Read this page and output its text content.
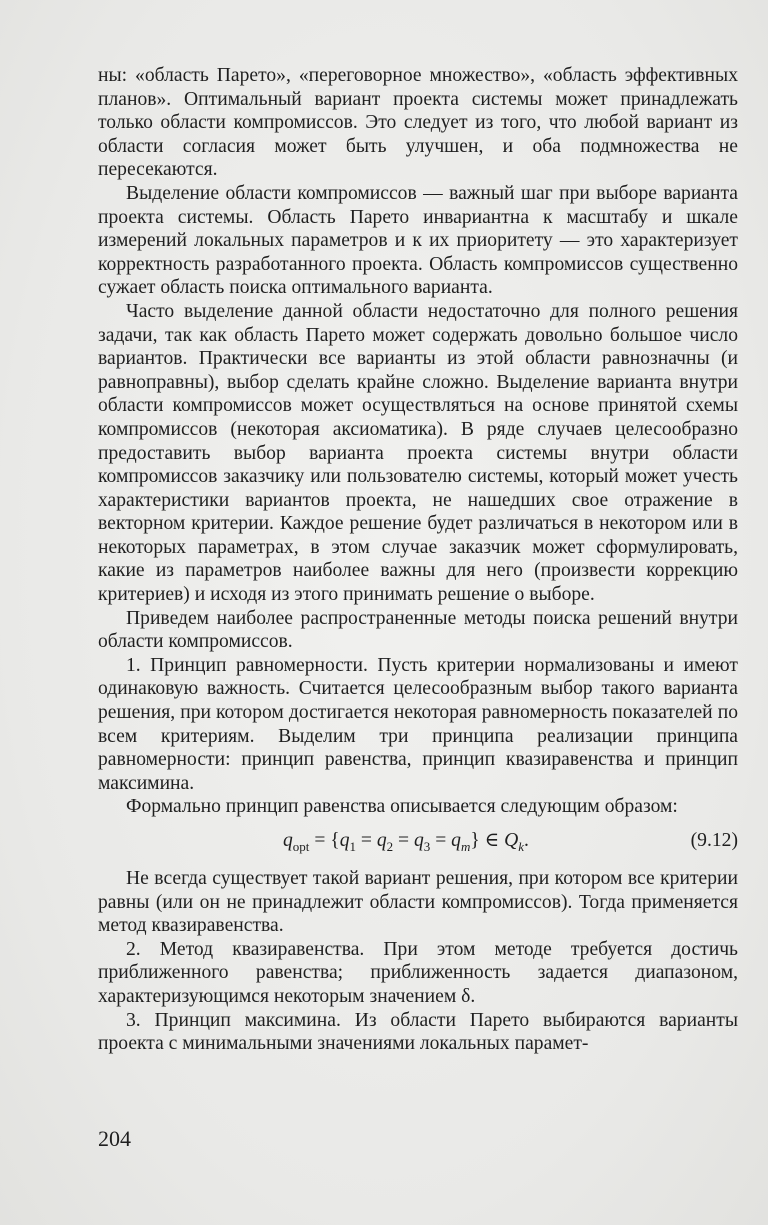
ны: «область Парето», «переговорное множество», «область эффективных планов». Оптимальный вариант проекта системы может принадлежать только области компромиссов. Это следует из того, что любой вариант из области согласия может быть улучшен, и оба подмножества не пересекаются.

Выделение области компромиссов — важный шаг при выборе варианта проекта системы. Область Парето инвариантна к масштабу и шкале измерений локальных параметров и к их приоритету — это характеризует корректность разработанного проекта. Область компромиссов существенно сужает область поиска оптимального варианта.

Часто выделение данной области недостаточно для полного решения задачи, так как область Парето может содержать довольно большое число вариантов. Практически все варианты из этой области равнозначны (и равноправны), выбор сделать крайне сложно. Выделение варианта внутри области компромиссов может осуществляться на основе принятой схемы компромиссов (некоторая аксиоматика). В ряде случаев целесообразно предоставить выбор варианта проекта системы внутри области компромиссов заказчику или пользователю системы, который может учесть характеристики вариантов проекта, не нашедших свое отражение в векторном критерии. Каждое решение будет различаться в некотором или в некоторых параметрах, в этом случае заказчик может сформулировать, какие из параметров наиболее важны для него (произвести коррекцию критериев) и исходя из этого принимать решение о выборе.

Приведем наиболее распространенные методы поиска решений внутри области компромиссов.

1. Принцип равномерности. Пусть критерии нормализованы и имеют одинаковую важность. Считается целесообразным выбор такого варианта решения, при котором достигается некоторая равномерность показателей по всем критериям. Выделим три принципа реализации принципа равномерности: принцип равенства, принцип квазиравенства и принцип максимина.

Формально принцип равенства описывается следующим образом:

$q_{opt} = \{q_1 = q_2 = q_3 = q_m\}$ ∈ $Q_k$.	(9.12)

Не всегда существует такой вариант решения, при котором все критерии равны (или он не принадлежит области компромиссов). Тогда применяется метод квазиравенства.

2. Метод квазиравенства. При этом методе требуется достичь приближенного равенства; приближенность задается диапазоном, характеризующимся некоторым значением δ.

3. Принцип максимина. Из области Парето выбираются варианты проекта с минимальными значениями локальных парамет-

204
